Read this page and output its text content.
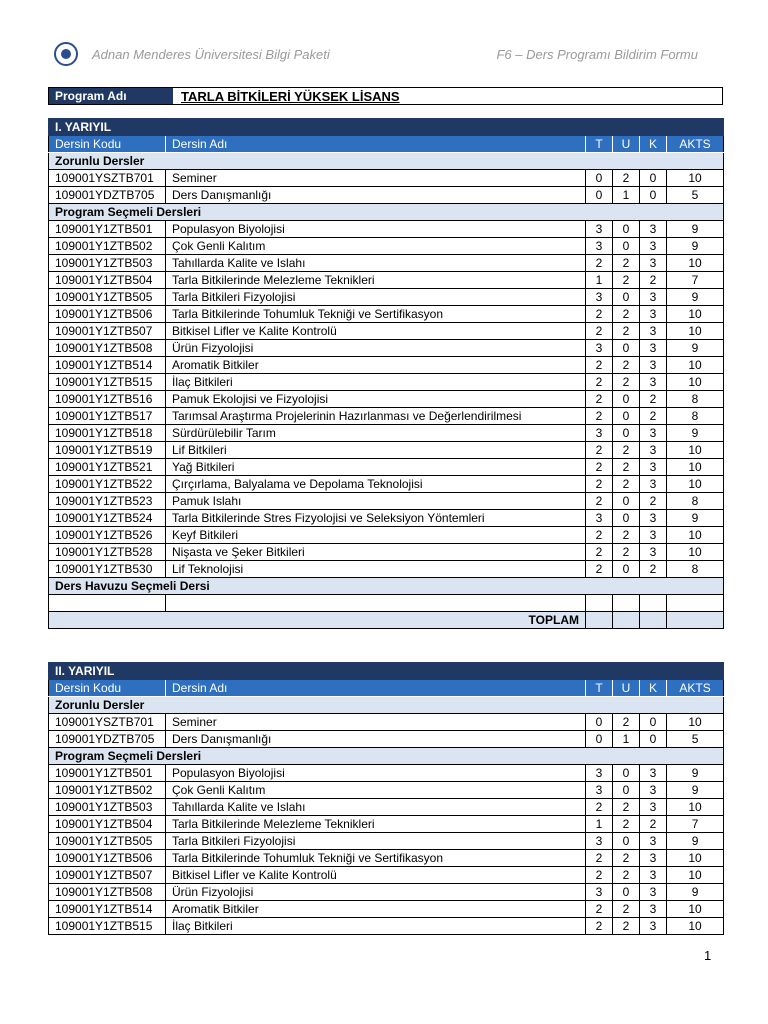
Adnan Menderes Üniversitesi Bilgi Paketi	F6 – Ders Programı Bildirim Formu
Program Adı	TARLA BİTKİLERİ YÜKSEK LİSANS
I. YARIYIL					
Dersin Kodu	Dersin Adı	T	U	K	AKTS
Zorunlu Dersler					
109001YSZTB701	Seminer	0	2	0	10
109001YDZTB705	Ders Danışmanlığı	0	1	0	5
Program Seçmeli Dersleri					
109001Y1ZTB501	Populasyon Biyolojisi	3	0	3	9
109001Y1ZTB502	Çok Genli Kalıtım	3	0	3	9
109001Y1ZTB503	Tahıllarda Kalite ve Islahı	2	2	3	10
109001Y1ZTB504	Tarla Bitkilerinde Melezleme Teknikleri	1	2	2	7
109001Y1ZTB505	Tarla Bitkileri Fizyolojisi	3	0	3	9
109001Y1ZTB506	Tarla Bitkilerinde Tohumluk Tekniği ve Sertifikasyon	2	2	3	10
109001Y1ZTB507	Bitkisel Lifler ve Kalite Kontrolü	2	2	3	10
109001Y1ZTB508	Ürün Fizyolojisi	3	0	3	9
109001Y1ZTB514	Aromatik Bitkiler	2	2	3	10
109001Y1ZTB515	İlaç Bitkileri	2	2	3	10
109001Y1ZTB516	Pamuk Ekolojisi ve Fizyolojisi	2	0	2	8
109001Y1ZTB517	Tarımsal Araştırma Projelerinin Hazırlanması ve Değerlendirilmesi	2	0	2	8
109001Y1ZTB518	Sürdürülebilir Tarım	3	0	3	9
109001Y1ZTB519	Lif Bitkileri	2	2	3	10
109001Y1ZTB521	Yağ Bitkileri	2	2	3	10
109001Y1ZTB522	Çırçırlama, Balyalama ve Depolama Teknolojisi	2	2	3	10
109001Y1ZTB523	Pamuk Islahı	2	0	2	8
109001Y1ZTB524	Tarla Bitkilerinde Stres Fizyolojisi ve Seleksiyon Yöntemleri	3	0	3	9
109001Y1ZTB526	Keyf Bitkileri	2	2	3	10
109001Y1ZTB528	Nişasta ve Şeker Bitkileri	2	2	3	10
109001Y1ZTB530	Lif Teknolojisi	2	0	2	8
Ders Havuzu Seçmeli Dersi					

TOPLAM					
II. YARIYIL					
Dersin Kodu	Dersin Adı	T	U	K	AKTS
Zorunlu Dersler					
109001YSZTB701	Seminer	0	2	0	10
109001YDZTB705	Ders Danışmanlığı	0	1	0	5
Program Seçmeli Dersleri					
109001Y1ZTB501	Populasyon Biyolojisi	3	0	3	9
109001Y1ZTB502	Çok Genli Kalıtım	3	0	3	9
109001Y1ZTB503	Tahıllarda Kalite ve Islahı	2	2	3	10
109001Y1ZTB504	Tarla Bitkilerinde Melezleme Teknikleri	1	2	2	7
109001Y1ZTB505	Tarla Bitkileri Fizyolojisi	3	0	3	9
109001Y1ZTB506	Tarla Bitkilerinde Tohumluk Tekniği ve Sertifikasyon	2	2	3	10
109001Y1ZTB507	Bitkisel Lifler ve Kalite Kontrolü	2	2	3	10
109001Y1ZTB508	Ürün Fizyolojisi	3	0	3	9
109001Y1ZTB514	Aromatik Bitkiler	2	2	3	10
109001Y1ZTB515	İlaç Bitkileri	2	2	3	10
1
